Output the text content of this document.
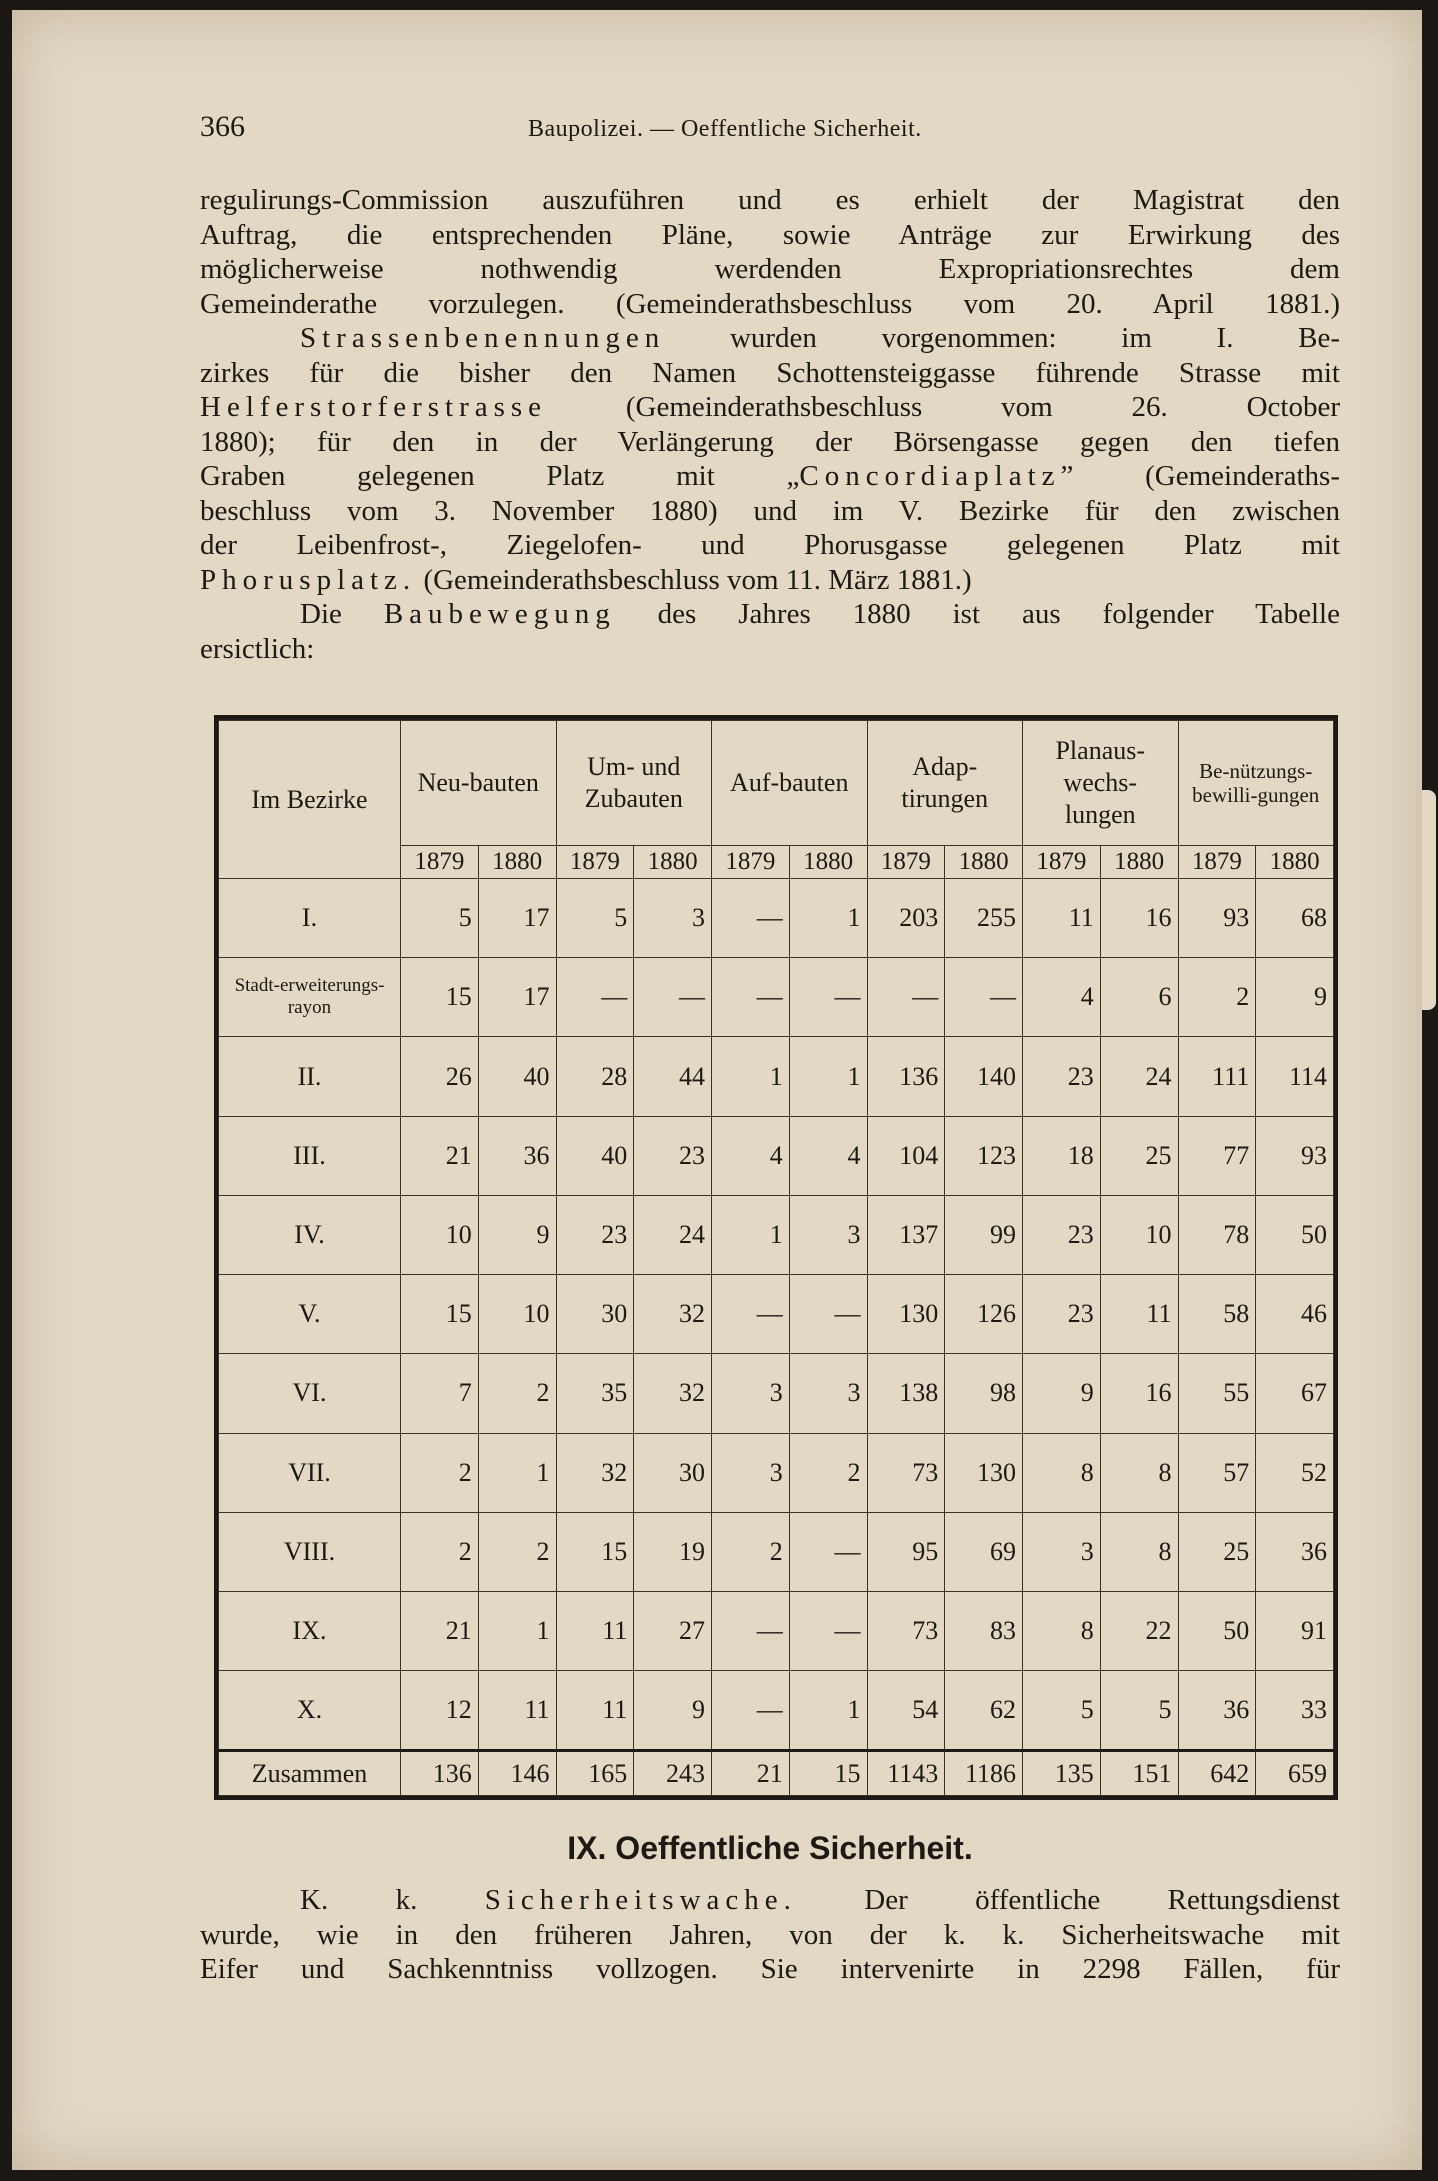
366	Baupolizei. — Oeffentliche Sicherheit.
regulirungs-Commission auszuführen und es erhielt der Magistrat den
Auftrag, die entsprechenden Pläne, sowie Anträge zur Erwirkung des
möglicherweise nothwendig werdenden Expropriationsrechtes dem
Gemeinderathe vorzulegen. (Gemeinderathsbeschluss vom 20. April 1881.)
Strassenbenennungen wurden vorgenommen: im I. Be-
zirkes für die bisher den Namen Schottensteiggasse führende Strasse mit
Helferstorferstrasse (Gemeinderathsbeschluss vom 26. October
1880); für den in der Verlängerung der Börsengasse gegen den tiefen
Graben gelegenen Platz mit „Concordiaplatz” (Gemeinderaths-
beschluss vom 3. November 1880) und im V. Bezirke für den zwischen
der Leibenfrost-, Ziegelofen- und Phorusgasse gelegenen Platz mit
Phorusplatz. (Gemeinderathsbeschluss vom 11. März 1881.)
Die Baubewegung des Jahres 1880 ist aus folgender Tabelle
ersictlich:
Im Bezirke	Neu-bauten		Um- und Zubauten		Auf-bauten		Adap-tirungen		Planaus-wechs-lungen		Be-nützungs-bewilli-gungen	
	1879	1880	1879	1880	1879	1880	1879	1880	1879	1880	1879	1880
I.	5	17	5	3	—	1	203	255	11	16	93	68
Stadt-erweiterungs-rayon	15	17	—	—	—	—	—	—	4	6	2	9
II.	26	40	28	44	1	1	136	140	23	24	111	114
III.	21	36	40	23	4	4	104	123	18	25	77	93
IV.	10	9	23	24	1	3	137	99	23	10	78	50
V.	15	10	30	32	—	—	130	126	23	11	58	46
VI.	7	2	35	32	3	3	138	98	9	16	55	67
VII.	2	1	32	30	3	2	73	130	8	8	57	52
VIII.	2	2	15	19	2	—	95	69	3	8	25	36
IX.	21	1	11	27	—	—	73	83	8	22	50	91
X.	12	11	11	9	—	1	54	62	5	5	36	33
Zusammen	136	146	165	243	21	15	1143	1186	135	151	642	659
IX. Oeffentliche Sicherheit.
K. k. Sicherheitswache. Der öffentliche Rettungsdienst
wurde, wie in den früheren Jahren, von der k. k. Sicherheitswache mit
Eifer und Sachkenntniss vollzogen. Sie intervenirte in 2298 Fällen, für
